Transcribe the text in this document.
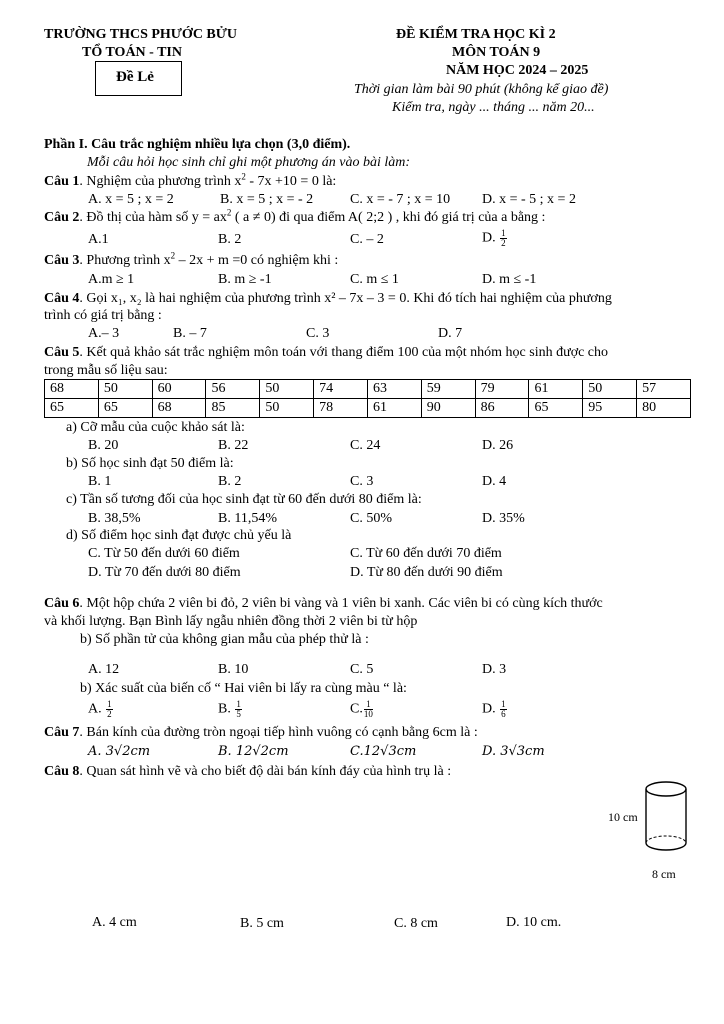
TRƯỜNG THCS PHƯỚC BỬU
TỔ TOÁN - TIN
Đề Lẻ
ĐỀ KIỂM TRA HỌC KÌ 2
MÔN TOÁN 9
NĂM HỌC 2024 – 2025
Thời gian làm bài 90 phút (không kể giao đề)
Kiểm tra, ngày ... tháng ... năm 20...
Phần I. Câu trắc nghiệm nhiều lựa chọn (3,0 điểm).
Mỗi câu hỏi học sinh chỉ ghi một phương án vào bài làm:
Câu 1. Nghiệm của phương trình $x^2 - 7x +10 = 0$ là:
A. x = 5 ; x = 2	B. x = 5 ; x = - 2	C. x = - 7 ; x = 10 D. x = - 5 ; x = 2
Câu 2. Đồ thị của hàm số $y = ax^2$ ( a ≠ 0) đi qua điểm A( 2;2 ) , khi đó giá trị của a bằng :
A.1	B. 2	C. – 2	D. $\frac{1}{2}$
Câu 3. Phương trình $x^2 - 2x + m =0$ có nghiệm khi :
A.m ≥ 1	B. m ≥ -1	C. m ≤ 1	D. m ≤ -1
Câu 4. Gọi x₁, x₂ là hai nghiệm của phương trình x² – 7x – 3 = 0. Khi đó tích hai nghiệm của phương
trình có giá trị bằng :
A.– 3	B. – 7	C. 3	D. 7
Câu 5. Kết quả khảo sát trắc nghiệm môn toán với thang điểm 100 của một nhóm học sinh được cho
trong mẫu số liệu sau:
68	50	60	56	50	74	63	59	79	61	50	57
65	65	68	85	50	78	61	90	86	65	95	80
a) Cỡ mẫu của cuộc khảo sát là:
B. 20	B. 22	C. 24	D. 26
b) Số học sinh đạt 50 điểm là:
B. 1	B. 2	C. 3	D. 4
c) Tần số tương đối của học sinh đạt từ 60 đến dưới 80 điểm là:
B. 38,5%	B. 11,54%	C. 50%	D. 35%
d) Số điểm học sinh đạt được chủ yếu là
C. Từ 50 đến dưới 60 điểm	C. Từ 60 đến dưới 70 điểm
D. Từ 70 đến dưới 80 điểm	D. Từ 80 đến dưới 90 điểm
Câu 6. Một hộp chứa 2 viên bi đỏ, 2 viên bi vàng và 1 viên bi xanh. Các viên bi có cùng kích thước
và khối lượng. Bạn Bình lấy ngẫu nhiên đồng thời 2 viên bi từ hộp
b) Số phần tử của không gian mẫu của phép thử là :
A. 12	B. 10	C. 5	D. 3
b) Xác suất của biến cố “ Hai viên bi lấy ra cùng màu “ là:
A. $\frac{1}{2}$	B. $\frac{1}{5}$	C. $\frac{1}{10}$	D. $\frac{1}{6}$
Câu 7. Bán kính của đường tròn ngoại tiếp hình vuông có cạnh bằng 6cm là :
A. 3√2cm	B. 12√2cm	C.12√3cm	D. 3√3cm
Câu 8. Quan sát hình vẽ và cho biết độ dài bán kính đáy của hình trụ là :
10 cm
8 cm
A. 4 cm	B. 5 cm	C. 8 cm	D. 10 cm.
